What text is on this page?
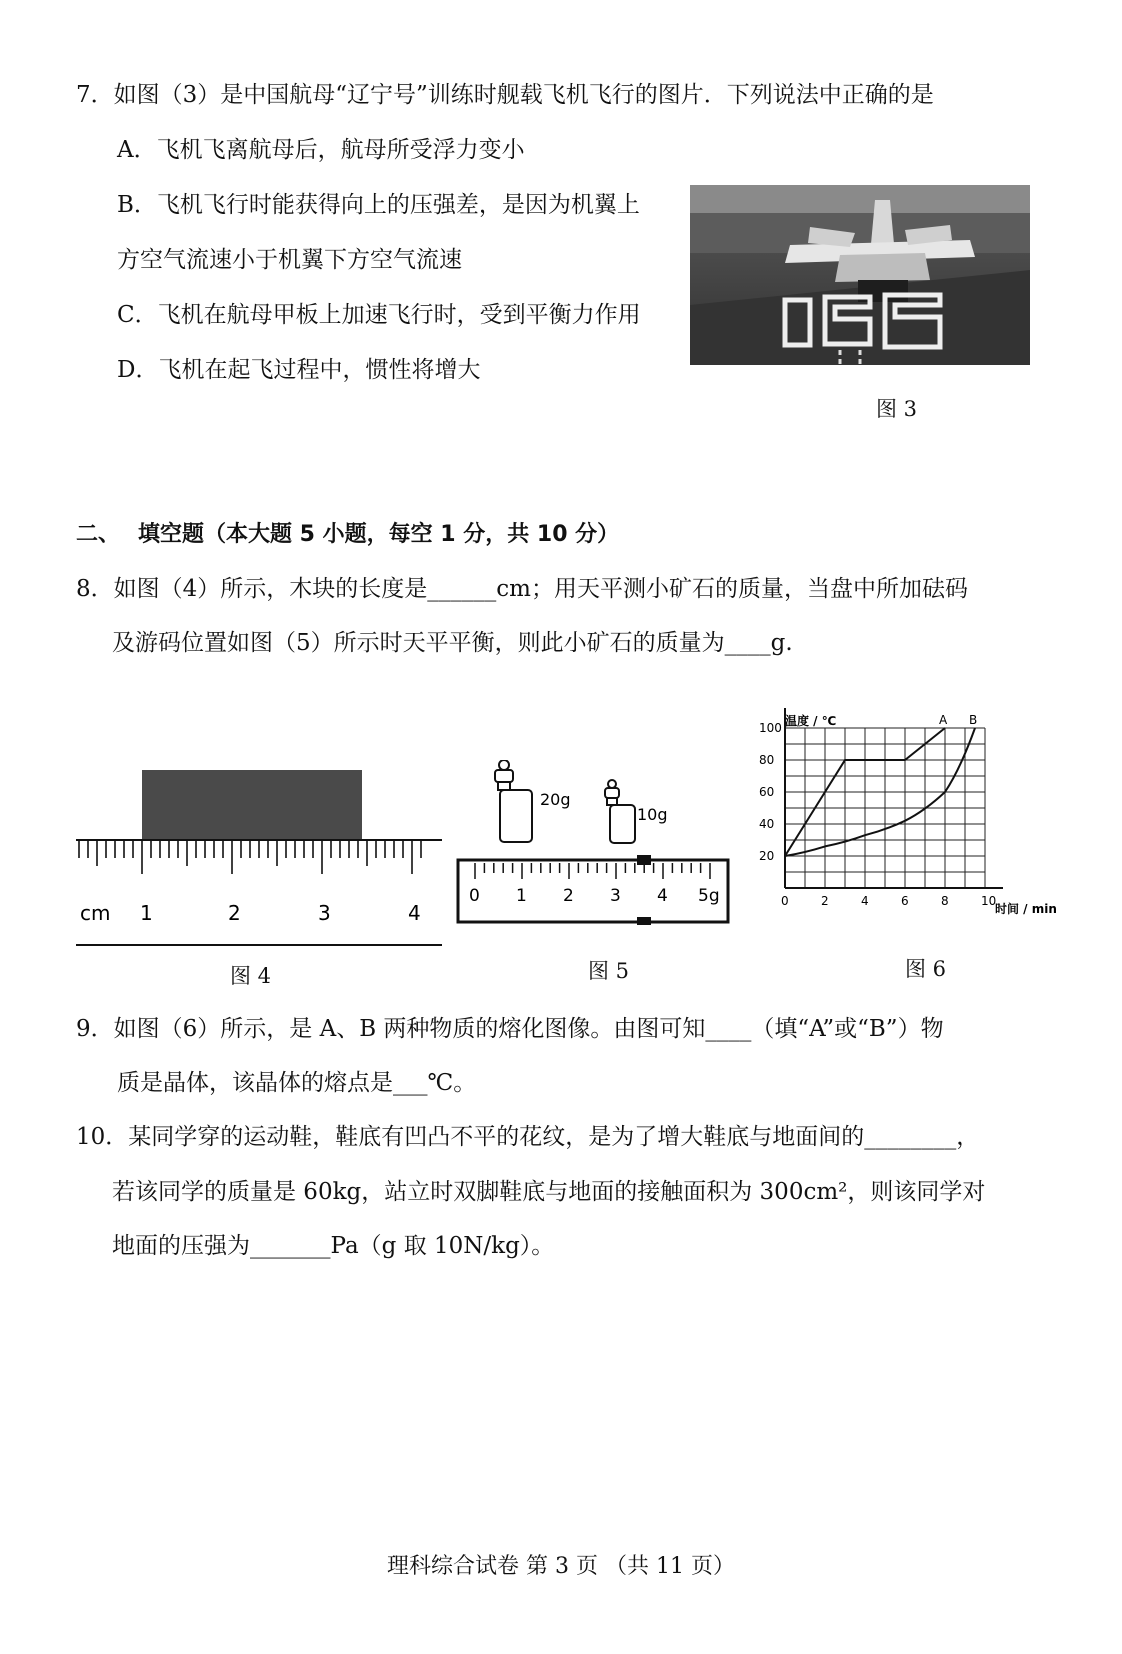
7．如图（3）是中国航母“辽宁号”训练时舰载飞机飞行的图片．下列说法中正确的是
A．飞机飞离航母后，航母所受浮力变小
B．飞机飞行时能获得向上的压强差，是因为机翼上
方空气流速小于机翼下方空气流速
C．飞机在航母甲板上加速飞行时，受到平衡力作用
D．飞机在起飞过程中，惯性将增大
图 3
二、 填空题（本大题 5 小题，每空 1 分，共 10 分）
8．如图（4）所示，木块的长度是______cm；用天平测小矿石的质量，当盘中所加砝码
及游码位置如图（5）所示时天平平衡，则此小矿石的质量为____g.
cm 1	2	3	4
图 4
20g
10g
0 1 2 3 4 5g
图 5
0	2	4	6	8	10
20
40
60
80
100
A B
温度 / ℃
时间 / min
图 6
9．如图（6）所示，是 A、B 两种物质的熔化图像。由图可知____（填“A”或“B”）物
质是晶体，该晶体的熔点是___℃。
10．某同学穿的运动鞋，鞋底有凹凸不平的花纹，是为了增大鞋底与地面间的________，
若该同学的质量是 60kg，站立时双脚鞋底与地面的接触面积为 300cm²，则该同学对
地面的压强为_______Pa（g 取 10N/kg）。
理科综合试卷 第 3 页 （共 11 页）
